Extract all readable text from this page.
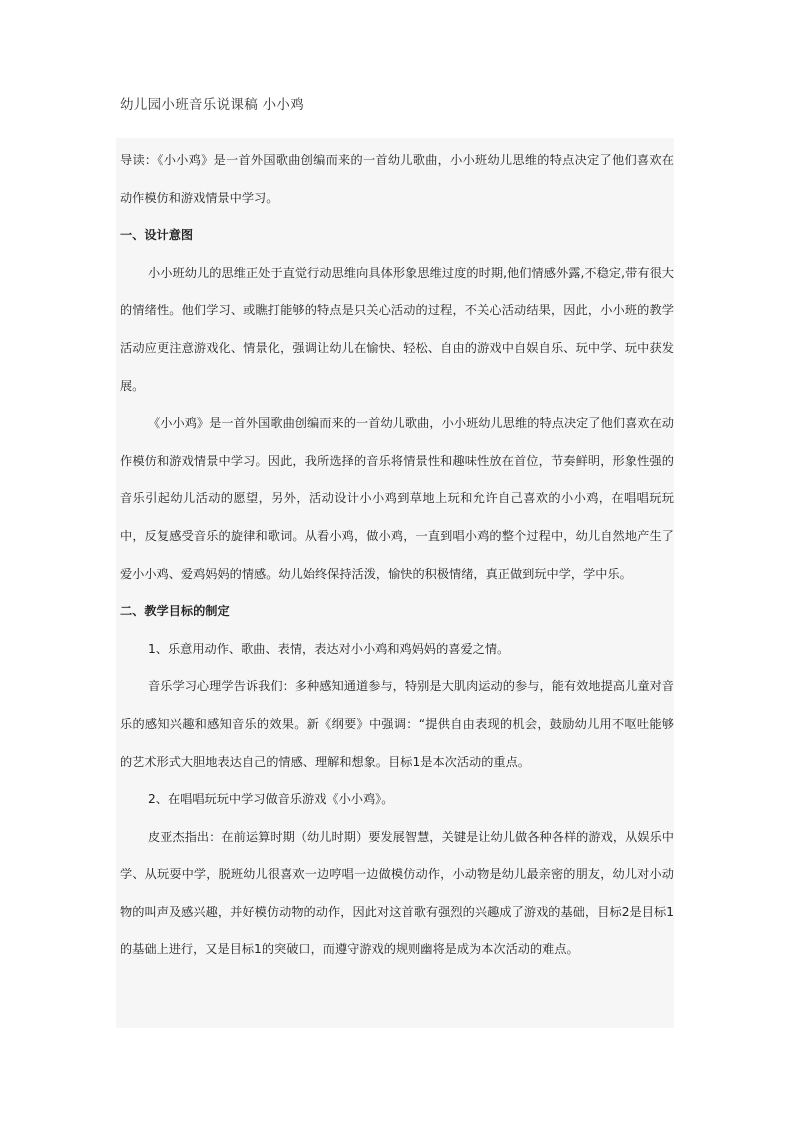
幼儿园小班音乐说课稿 小小鸡

导读：《小小鸡》是一首外国歌曲创编而来的一首幼儿歌曲，小小班幼儿思维的特点决定了他们喜欢在动作模仿和游戏情景中学习。

一、设计意图

小小班幼儿的思维正处于直觉行动思维向具体形象思维过度的时期,他们情感外露,不稳定,带有很大的情绪性。他们学习、或瞧打能够的特点是只关心活动的过程，不关心活动结果，因此，小小班的教学活动应更注意游戏化、情景化，强调让幼儿在愉快、轻松、自由的游戏中自娱自乐、玩中学、玩中获发展。

《小小鸡》是一首外国歌曲创编而来的一首幼儿歌曲，小小班幼儿思维的特点决定了他们喜欢在动作模仿和游戏情景中学习。因此，我所选择的音乐将情景性和趣味性放在首位，节奏鲜明，形象性强的音乐引起幼儿活动的愿望，另外，活动设计小小鸡到草地上玩和允许自己喜欢的小小鸡，在唱唱玩玩中，反复感受音乐的旋律和歌词。从看小鸡，做小鸡，一直到唱小鸡的整个过程中，幼儿自然地产生了爱小小鸡、爱鸡妈妈的情感。幼儿始终保持活泼，愉快的积极情绪，真正做到玩中学，学中乐。

二、教学目标的制定

1、乐意用动作、歌曲、表情，表达对小小鸡和鸡妈妈的喜爱之情。

音乐学习心理学告诉我们：多种感知通道参与，特别是大肌肉运动的参与，能有效地提高儿童对音乐的感知兴趣和感知音乐的效果。新《纲要》中强调：“提供自由表现的机会，鼓励幼儿用不呕吐能够的艺术形式大胆地表达自己的情感、理解和想象。目标1是本次活动的重点。

2、在唱唱玩玩中学习做音乐游戏《小小鸡》。

皮亚杰指出：在前运算时期（幼儿时期）要发展智慧，关键是让幼儿做各种各样的游戏，从娱乐中学、从玩耍中学，脱班幼儿很喜欢一边哼唱一边做模仿动作，小动物是幼儿最亲密的朋友，幼儿对小动物的叫声及感兴趣，并好模仿动物的动作，因此对这首歌有强烈的兴趣成了游戏的基础，目标2是目标1的基础上进行，又是目标1的突破口，而遵守游戏的规则幽将是成为本次活动的难点。
